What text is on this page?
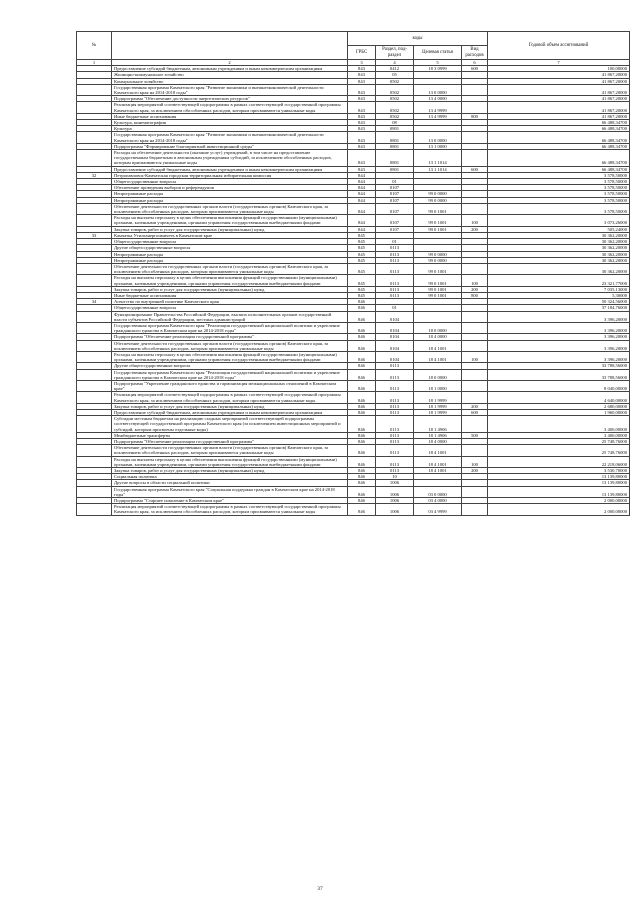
№		коды				Годовой объем ассигнований
		ГРБС	Раздел, под-раздел	Целевая статья	Вид расходов	
1	2	3	4	5	6	7
	Предоставление субсидий бюджетным, автономным учреждениям и иным некоммерческим организациям	843	0412	18 3 0999	600	100,00000
	Жилищно-коммунальное хозяйство	843	05			41 867,20000
	Коммунальное хозяйство	843	0502			41 867,20000
	Государственная программа Камчатского края "Развитие экономики и внешнеэкономической деятельности Камчатского края на 2014-2018 годы"	843	0502	13 0 0000		41 867,20000
	Подпрограмма "Обеспечение доступности энергетических ресурсов"	843	0502	13 4 0000		41 867,20000
	Реализация мероприятий соответствующей подпрограммы в рамках соответствующей государственной программы Камчатского края, за исключением обособленных расходов, которым присваиваются уникальные коды	843	0502	13 4 9999		41 867,20000
	Иные бюджетные ассигнования	843	0502	13 4 9999	800	41 867,20000
	Культура, кинематография	843	08			66 488,34700
	Культура	843	0801			66 488,34700
	Государственная программа Камчатского края "Развитие экономики и внешнеэкономической деятельности Камчатского края на 2014-2018 годы"	843	0801	13 0 0000		66 488,34700
	Подпрограмма "Формирование благоприятной инвестиционной среды"	843	0801	13 1 0000		66 488,34700
	Расходы на обеспечение деятельности (оказание услуг) учреждений, в том числе на предоставление государственным бюджетным и автономным учреждениям субсидий, за исключением обособленных расходов, которым присваиваются уникальные коды	843	0801	13 1 1014		66 488,34700
	Предоставление субсидий бюджетным, автономным учреждениям и иным некоммерческим организациям	843	0801	13 1 1014	600	66 488,34700
32	Петропавловск-Камчатская городская территориальная избирательная комиссия	844				3 578,50000
	Общегосударственные вопросы	844	01			3 578,50000
	Обеспечение проведения выборов и референдумов	844	0107			3 578,50000
	Непрограммные расходы	844	0107	99 0 0000		3 578,50000
	Непрограммные расходы	844	0107	99 0 0000		3 578,50000
	Обеспечение деятельности государственных органов власти (государственных органов) Камчатского края, за исключением обособленных расходов, которым присваиваются уникальные коды	844	0107	99 0 1001		3 578,50000
	Расходы на выплаты персоналу в целях обеспечения выполнения функций государственными (муниципальными) органами, казенными учреждениями, органами управления государственными внебюджетными фондами	844	0107	99 0 1001	100	3 073,26000
	Закупка товаров, работ и услуг для государственных (муниципальных) нужд	844	0107	99 0 1001	200	505,24000
33	Камчатка Утильзнергоимичеть в Камчатском крае	845				30 362,20000
	Общегосударственные вопросы	845	01			30 362,20000
	Другие общегосударственные вопросы	845	0113			30 362,20000
	Непрограммные расходы	845	0113	99 0 0000		30 362,20000
	Непрограммные расходы	845	0113	99 0 0000		30 362,20000
	Обеспечение деятельности государственных органов власти (государственных органов) Камчатского края, за исключением обособленных расходов, которым присваиваются уникальные коды	845	0113	99 0 1001		30 362,20000
	Расходы на выплаты персоналу в целях обеспечения выполнения функций государственными (муниципальными) органами, казенными учреждениями, органами управления государственными внебюджетными фондами	845	0113	99 0 1001	100	23 321,77000
	Закупка товаров, работ и услуг для государственных (муниципальных) нужд	845	0113	99 0 1001	200	7 035,13000
	Иные бюджетные ассигнования	845	0113	99 0 1001	800	5,30000
34	Агентство по внутренней политике Камчатского края	846				50 324,56000
	Общегосударственные вопросы	846	01			37 184,76000
	Функционирование Правительства Российской Федерации, высших исполнительных органов государственной власти субъектов Российской Федерации, местных администраций	846	0104			3 396,20000
	Государственная программа Камчатского края "Реализация государственной национальной политики и укрепление гражданского единства в Камчатском крае на 2014-2018 годы"	846	0104	18 0 0000		3 396,20000
	Подпрограмма "Обеспечение реализации государственной программы"	846	0104	18 4 0000		3 396,20000
	Обеспечение деятельности государственных органов власти (государственных органов) Камчатского края, за исключением обособленных расходов, которым присваиваются уникальные коды	846	0104	18 4 1001		3 396,20000
	Расходы на выплаты персоналу в целях обеспечения выполнения функций государственными (муниципальными) органами, казенными учреждениями, органами управления государственными внебюджетными фондами	846	0104	18 4 1001	100	3 396,20000
	Другие общегосударственные вопросы	846	0113			33 788,56000
	Государственная программа Камчатского края "Реализация государственной национальной политики и укрепление гражданского единства в Камчатском крае на 2014-2018 годы"	846	0113	18 0 0000		33 788,56000
	Подпрограмма "Укрепление гражданского единства и гармонизация межнациональных отношений в Камчатском крае"	846	0113	18 1 0000		8 040,00000
	Реализация мероприятий соответствующей подпрограммы в рамках соответствующей государственной программы Камчатского края, за исключением обособленных расходов, которым присваиваются уникальные коды	846	0113	18 1 9999		4 640,00000
	Закупка товаров, работ и услуг для государственных (муниципальных) нужд	846	0113	18 1 9999	200	2 680,00000
	Предоставление субсидий бюджетным, автономным учреждениям и иным некоммерческим организациям	846	0113	18 1 9999	600	1 960,00000
	Субсидии местным бюджетам на реализацию сходных мероприятий соответствующей подпрограммы соответствующей государственной программы Камчатского края (за исключением инвестиционных мероприятий и субсидий, которым присвоены отдельные коды)	846	0113	18 1 4906		3 400,00000
	Межбюджетные трансферты	846	0113	18 1 4906	500	3 400,00000
	Подпрограмма "Обеспечение реализации государственной программы"	846	0113	18 4 0000		25 748,76000
	Обеспечение деятельности государственных органов власти (государственных органов) Камчатского края, за исключением обособленных расходов, которым присваиваются уникальные коды	846	0113	18 4 1001		25 748,76000
	Расходы на выплаты персоналу в целях обеспечения выполнения функций государственными (муниципальными) органами, казенными учреждениями, органами управления государственными внебюджетными фондами	846	0113	18 4 1001	100	22 218,06000
	Закупка товаров, работ и услуг для государственных (муниципальных) нужд	846	0113	18 4 1001	200	3 530,70000
	Социальная политика	846	10			13 139,80000
	Другие вопросы в области социальной политики	846	1006			13 139,80000
	Государственная программа Камчатского края "Социальная поддержка граждан в Камчатском крае на 2014-2018 годы"	846	1006	03 0 0000		13 139,80000
	Подпрограмма "Старшее поколение в Камчатском крае"	846	1006	03 4 0000		2 000,00000
	Реализация мероприятий соответствующей подпрограммы в рамках соответствующей государственной программы Камчатского края, за исключением обособленных расходов, которым присваиваются уникальные коды	846	1006	03 4 9999		2 000,00000
37
